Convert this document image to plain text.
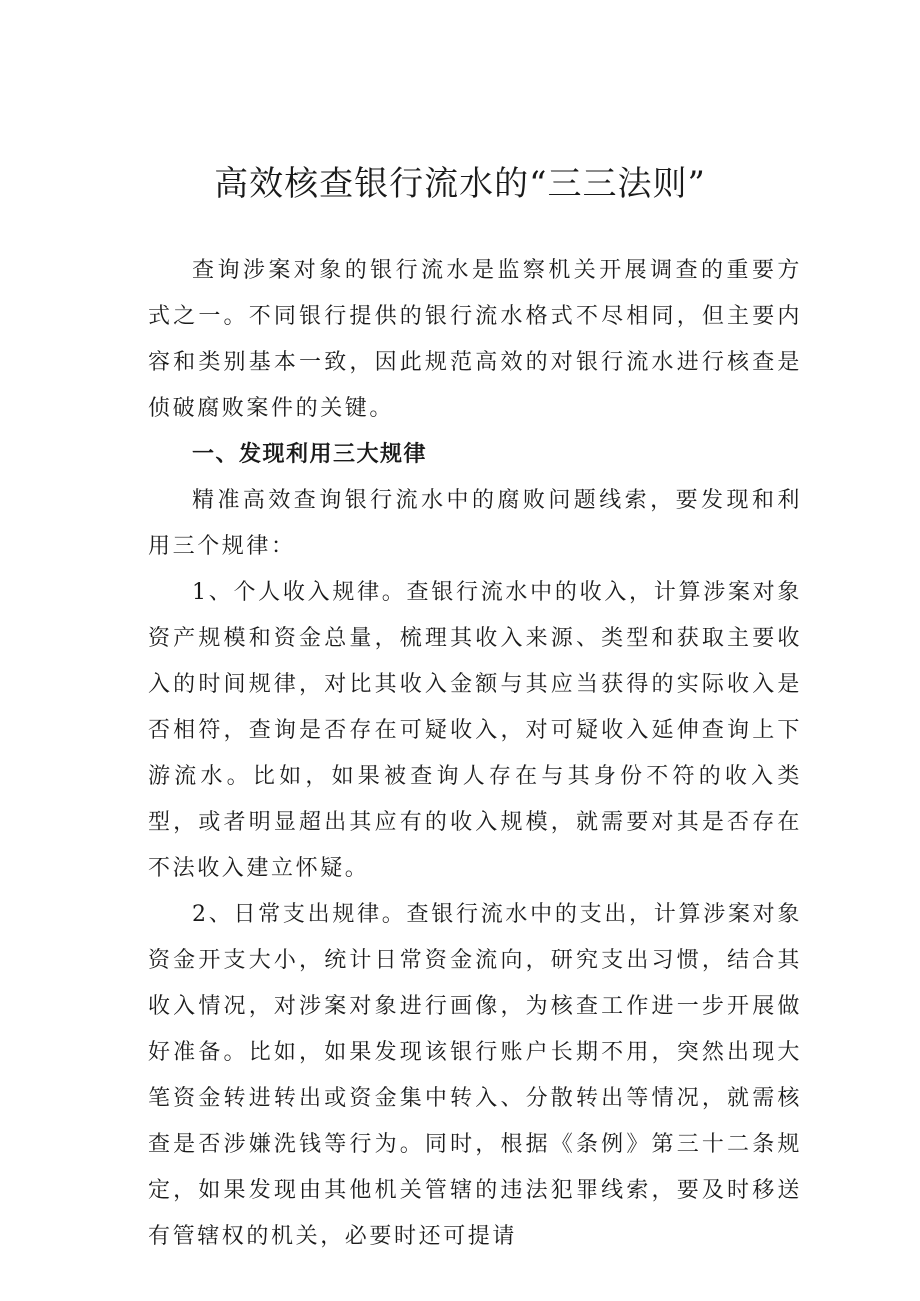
高效核查银行流水的“三三法则”

查询涉案对象的银行流水是监察机关开展调查的重要方式之一。不同银行提供的银行流水格式不尽相同，但主要内容和类别基本一致，因此规范高效的对银行流水进行核查是侦破腐败案件的关键。

一、发现利用三大规律

精准高效查询银行流水中的腐败问题线索，要发现和利用三个规律：

1、个人收入规律。查银行流水中的收入，计算涉案对象资产规模和资金总量，梳理其收入来源、类型和获取主要收入的时间规律，对比其收入金额与其应当获得的实际收入是否相符，查询是否存在可疑收入，对可疑收入延伸查询上下游流水。比如，如果被查询人存在与其身份不符的收入类型，或者明显超出其应有的收入规模，就需要对其是否存在不法收入建立怀疑。

2、日常支出规律。查银行流水中的支出，计算涉案对象资金开支大小，统计日常资金流向，研究支出习惯，结合其收入情况，对涉案对象进行画像，为核查工作进一步开展做好准备。比如，如果发现该银行账户长期不用，突然出现大笔资金转进转出或资金集中转入、分散转出等情况，就需核查是否涉嫌洗钱等行为。同时，根据《条例》第三十二条规定，如果发现由其他机关管辖的违法犯罪线索，要及时移送有管辖权的机关，必要时还可提请
